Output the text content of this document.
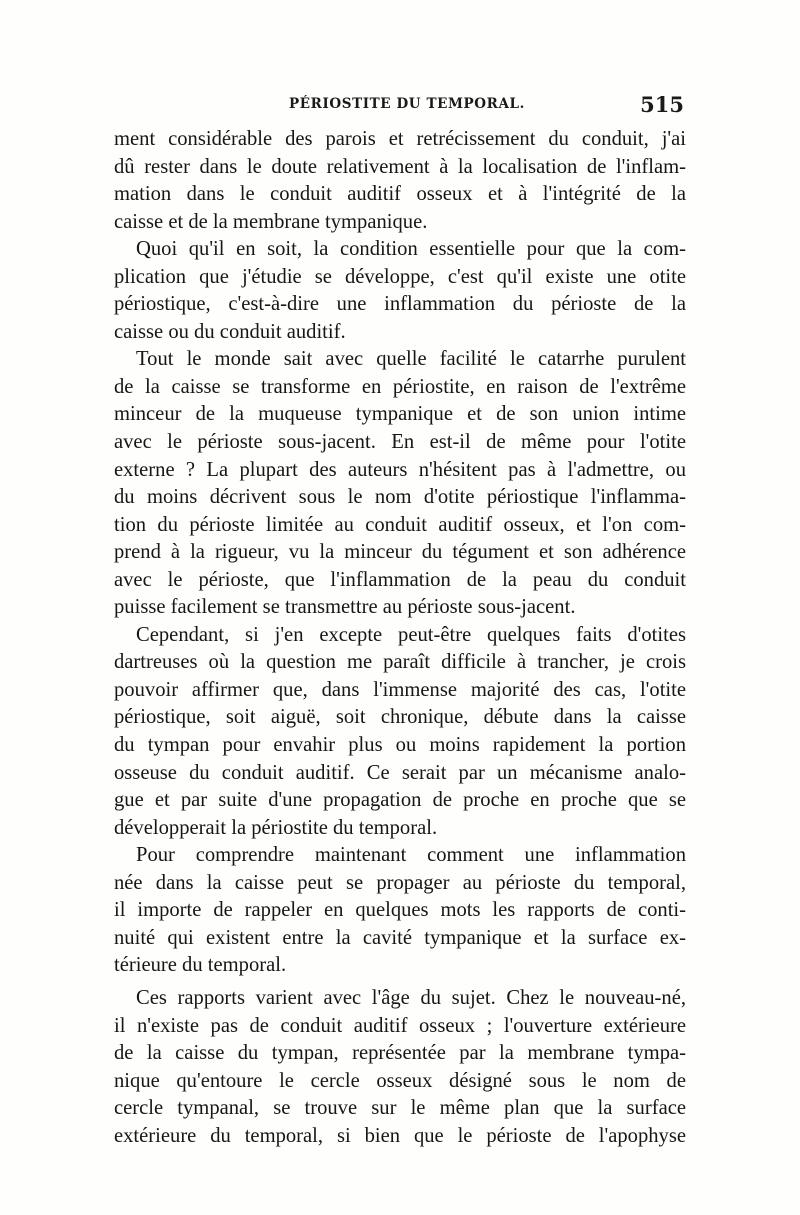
PÉRIOSTITE DU TEMPORAL.	515
ment considérable des parois et retrécissement du conduit, j'ai
dû rester dans le doute relativement à la localisation de l'inflam-
mation dans le conduit auditif osseux et à l'intégrité de la
caisse et de la membrane tympanique.
Quoi qu'il en soit, la condition essentielle pour que la com-
plication que j'étudie se développe, c'est qu'il existe une otite
périostique, c'est-à-dire une inflammation du périoste de la
caisse ou du conduit auditif.
Tout le monde sait avec quelle facilité le catarrhe purulent
de la caisse se transforme en périostite, en raison de l'extrême
minceur de la muqueuse tympanique et de son union intime
avec le périoste sous-jacent. En est-il de même pour l'otite
externe ? La plupart des auteurs n'hésitent pas à l'admettre, ou
du moins décrivent sous le nom d'otite périostique l'inflamma-
tion du périoste limitée au conduit auditif osseux, et l'on com-
prend à la rigueur, vu la minceur du tégument et son adhérence
avec le périoste, que l'inflammation de la peau du conduit
puisse facilement se transmettre au périoste sous-jacent.
Cependant, si j'en excepte peut-être quelques faits d'otites
dartreuses où la question me paraît difficile à trancher, je crois
pouvoir affirmer que, dans l'immense majorité des cas, l'otite
périostique, soit aiguë, soit chronique, débute dans la caisse
du tympan pour envahir plus ou moins rapidement la portion
osseuse du conduit auditif. Ce serait par un mécanisme analo-
gue et par suite d'une propagation de proche en proche que se
développerait la périostite du temporal.
Pour comprendre maintenant comment une inflammation
née dans la caisse peut se propager au périoste du temporal,
il importe de rappeler en quelques mots les rapports de conti-
nuité qui existent entre la cavité tympanique et la surface ex-
térieure du temporal.
Ces rapports varient avec l'âge du sujet. Chez le nouveau-né,
il n'existe pas de conduit auditif osseux ; l'ouverture extérieure
de la caisse du tympan, représentée par la membrane tympa-
nique qu'entoure le cercle osseux désigné sous le nom de
cercle tympanal, se trouve sur le même plan que la surface
extérieure du temporal, si bien que le périoste de l'apophyse
